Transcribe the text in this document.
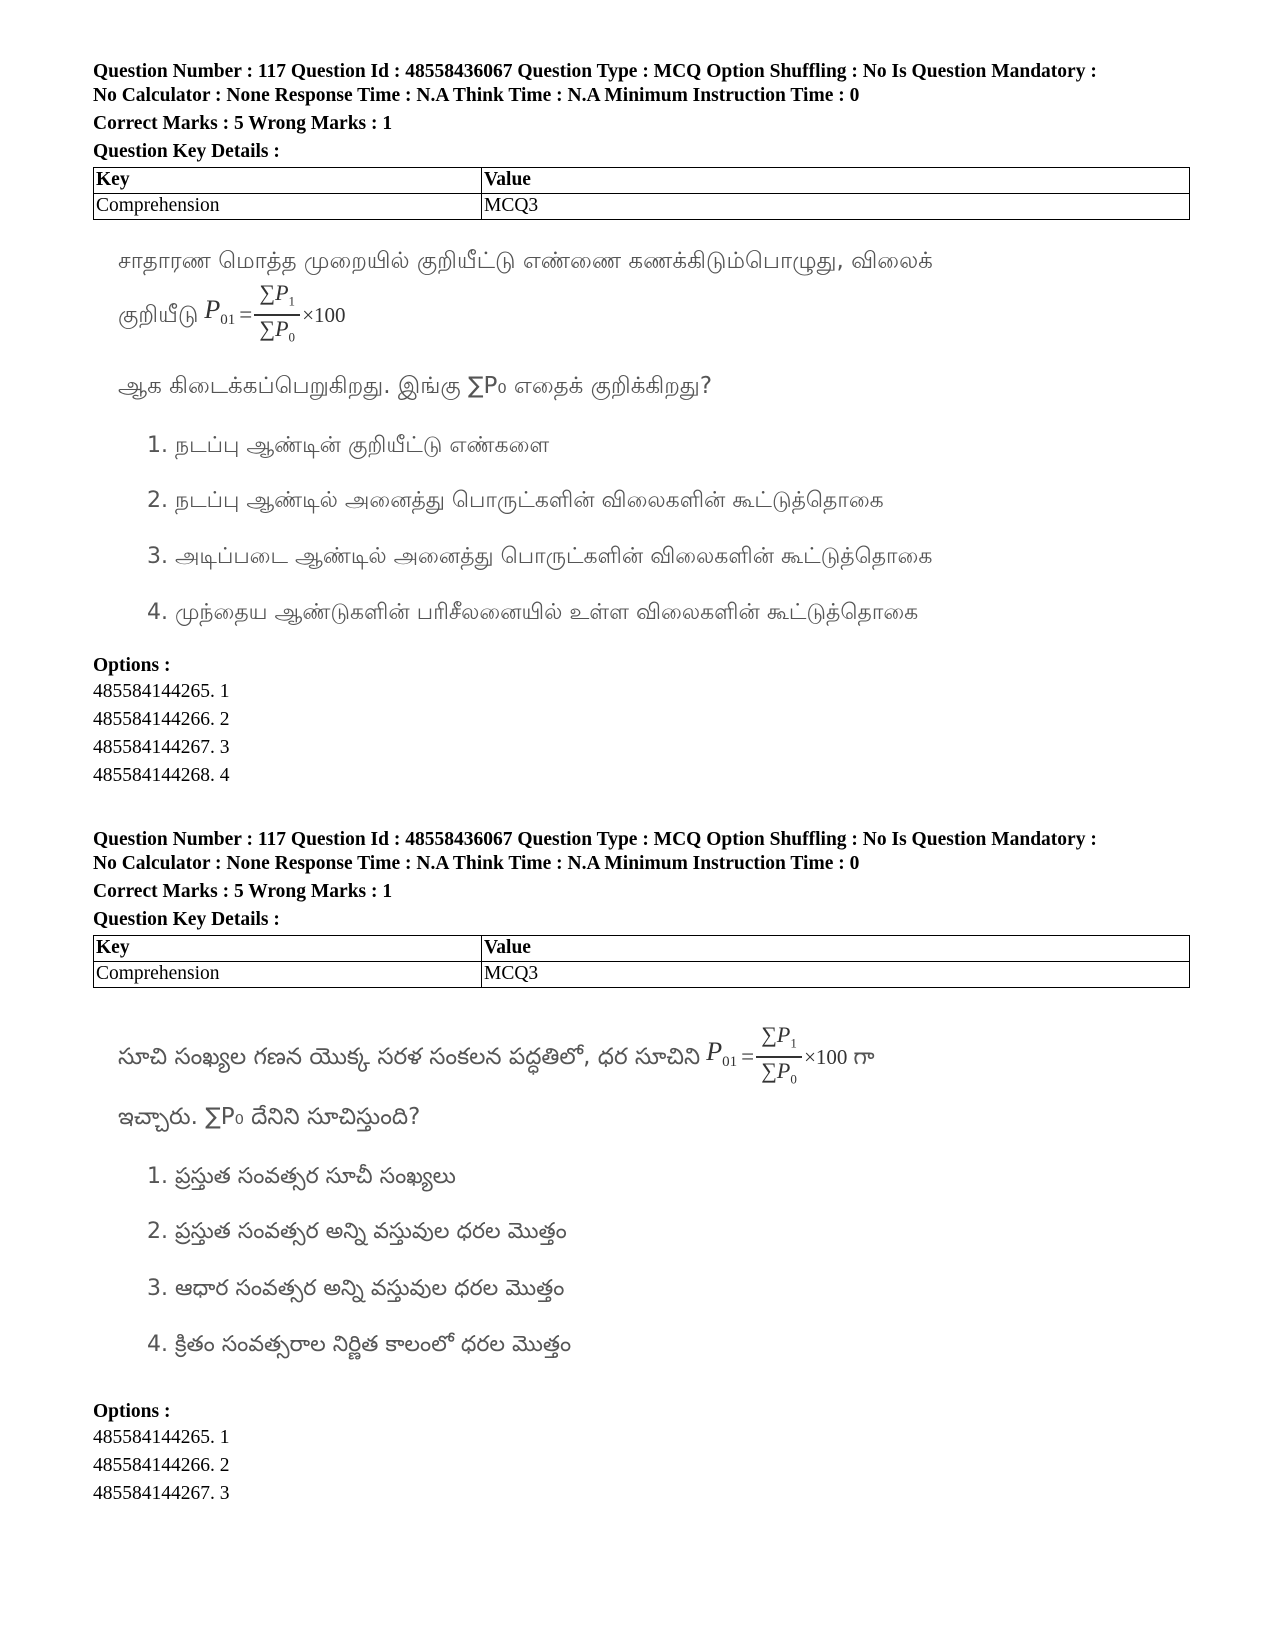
Question Number : 117 Question Id : 48558436067 Question Type : MCQ Option Shuffling : No Is Question Mandatory :
No Calculator : None Response Time : N.A Think Time : N.A Minimum Instruction Time : 0
Correct Marks : 5 Wrong Marks : 1
Question Key Details :
Key	Value
Comprehension	MCQ3
சாதாரண மொத்த முறையில் குறியீட்டு எண்ணை கணக்கிடும்பொழுது, விலைக்
குறியீடு $P_{01} = \frac{\sum P_1}{\sum P_0} \times 100$
ஆக கிடைக்கப்பெறுகிறது. இங்கு ∑P₀ எதைக் குறிக்கிறது?
1. நடப்பு ஆண்டின் குறியீட்டு எண்களை
2. நடப்பு ஆண்டில் அனைத்து பொருட்களின் விலைகளின் கூட்டுத்தொகை
3. அடிப்படை ஆண்டில் அனைத்து பொருட்களின் விலைகளின் கூட்டுத்தொகை
4. முந்தைய ஆண்டுகளின் பரிசீலனையில் உள்ள விலைகளின் கூட்டுத்தொகை
Options :
485584144265. 1
485584144266. 2
485584144267. 3
485584144268. 4
Question Number : 117 Question Id : 48558436067 Question Type : MCQ Option Shuffling : No Is Question Mandatory :
No Calculator : None Response Time : N.A Think Time : N.A Minimum Instruction Time : 0
Correct Marks : 5 Wrong Marks : 1
Question Key Details :
Key	Value
Comprehension	MCQ3
సూచి సంఖ్యల గణన యొక్క సరళ సంకలన పద్ధతిలో, ధర సూచిని $P_{01} = \frac{\sum P_1}{\sum P_0} \times 100$ గా
ఇచ్చారు. ∑P₀ దేనిని సూచిస్తుంది?
1. ప్రస్తుత సంవత్సర సూచీ సంఖ్యలు
2. ప్రస్తుత సంవత్సర అన్ని వస్తువుల ధరల మొత్తం
3. ఆధార సంవత్సర అన్ని వస్తువుల ధరల మొత్తం
4. క్రితం సంవత్సరాల నిర్ణిత కాలంలో ధరల మొత్తం
Options :
485584144265. 1
485584144266. 2
485584144267. 3
